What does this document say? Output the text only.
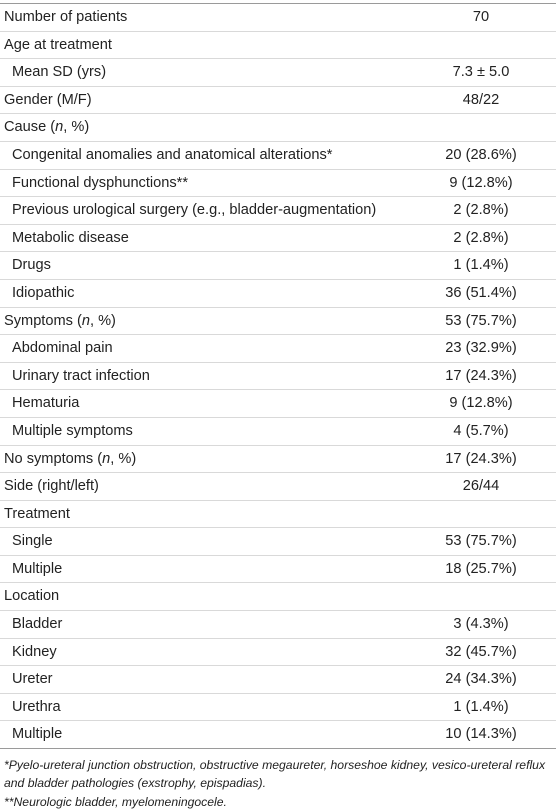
Number of patients	70
Age at treatment	
Mean SD (yrs)	7.3 ± 5.0
Gender (M/F)	48/22
Cause (n, %)	
Congenital anomalies and anatomical alterations*	20 (28.6%)
Functional dysphunctions**	9 (12.8%)
Previous urological surgery (e.g., bladder-augmentation)	2 (2.8%)
Metabolic disease	2 (2.8%)
Drugs	1 (1.4%)
Idiopathic	36 (51.4%)
Symptoms (n, %)	53 (75.7%)
Abdominal pain	23 (32.9%)
Urinary tract infection	17 (24.3%)
Hematuria	9 (12.8%)
Multiple symptoms	4 (5.7%)
No symptoms (n, %)	17 (24.3%)
Side (right/left)	26/44
Treatment	
Single	53 (75.7%)
Multiple	18 (25.7%)
Location	
Bladder	3 (4.3%)
Kidney	32 (45.7%)
Ureter	24 (34.3%)
Urethra	1 (1.4%)
Multiple	10 (14.3%)

*Pyelo-ureteral junction obstruction, obstructive megaureter, horseshoe kidney, vesico-ureteral reflux and bladder pathologies (exstrophy, epispadias).

**Neurologic bladder, myelomeningocele.
